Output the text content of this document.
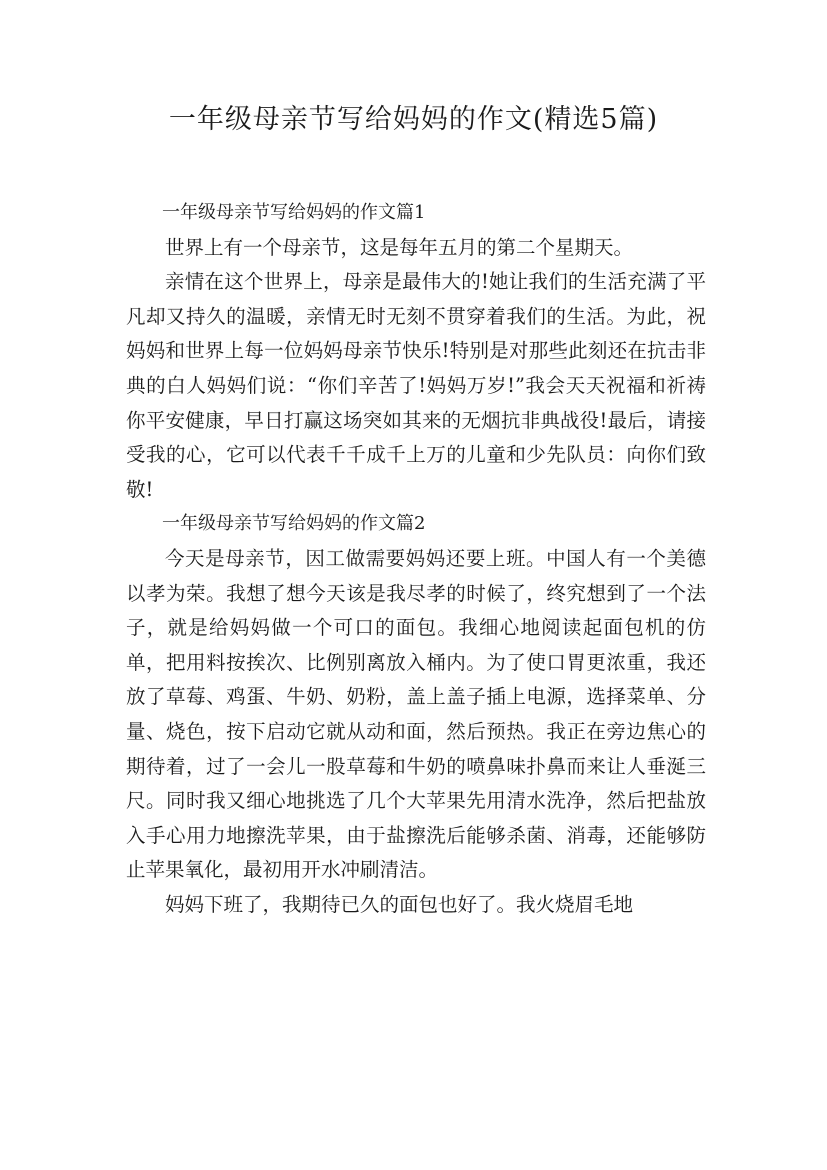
一年级母亲节写给妈妈的作文(精选5篇)

一年级母亲节写给妈妈的作文篇1

世界上有一个母亲节，这是每年五月的第二个星期天。

亲情在这个世界上，母亲是最伟大的!她让我们的生活充满了平凡却又持久的温暖，亲情无时无刻不贯穿着我们的生活。为此，祝妈妈和世界上每一位妈妈母亲节快乐!特别是对那些此刻还在抗击非典的白人妈妈们说：“你们辛苦了!妈妈万岁!”我会天天祝福和祈祷你平安健康，早日打赢这场突如其来的无烟抗非典战役!最后，请接受我的心，它可以代表千千成千上万的儿童和少先队员：向你们致敬!

一年级母亲节写给妈妈的作文篇2

今天是母亲节，因工做需要妈妈还要上班。中国人有一个美德以孝为荣。我想了想今天该是我尽孝的时候了，终究想到了一个法子，就是给妈妈做一个可口的面包。我细心地阅读起面包机的仿单，把用料按挨次、比例别离放入桶内。为了使口胃更浓重，我还放了草莓、鸡蛋、牛奶、奶粉，盖上盖子插上电源，选择菜单、分量、烧色，按下启动它就从动和面，然后预热。我正在旁边焦心的期待着，过了一会儿一股草莓和牛奶的喷鼻味扑鼻而来让人垂涎三尺。同时我又细心地挑选了几个大苹果先用清水洗净，然后把盐放入手心用力地擦洗苹果，由于盐擦洗后能够杀菌、消毒，还能够防止苹果氧化，最初用开水冲刷清洁。

妈妈下班了，我期待已久的面包也好了。我火烧眉毛地
